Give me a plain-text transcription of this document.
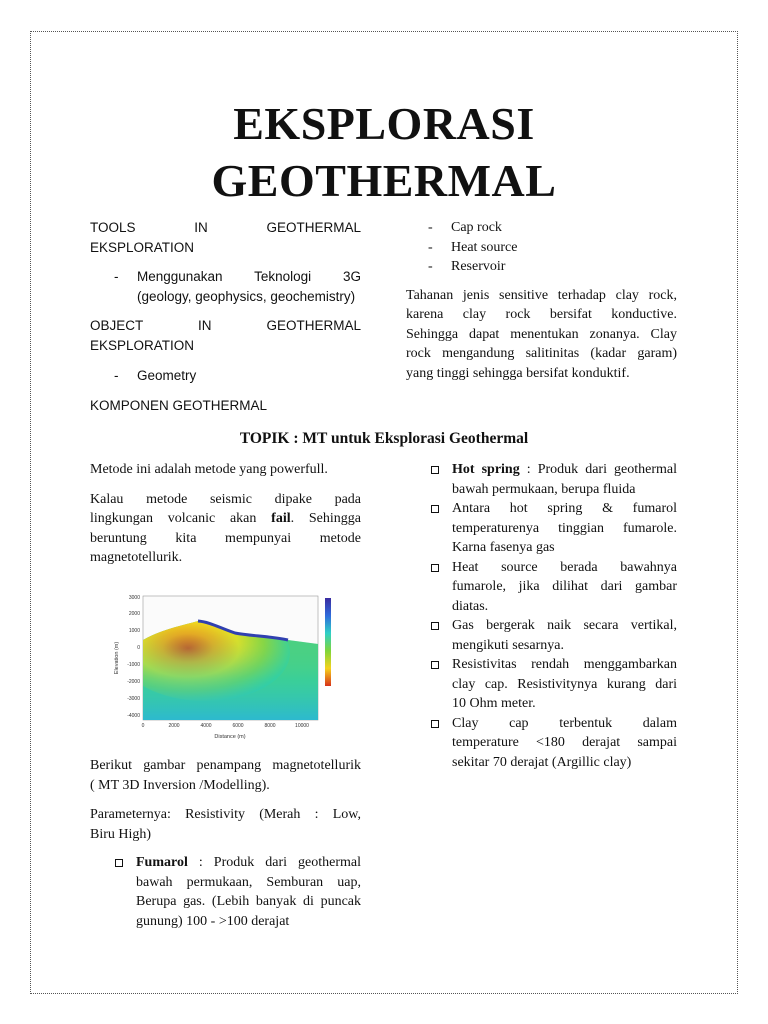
EKSPLORASI
GEOTHERMAL
TOOLS	IN	GEOTHERMAL
EKSPLORATION
- Menggunakan Teknologi 3G
(geology, geophysics, geochemistry)
OBJECT	IN	GEOTHERMAL
EKSPLORATION
- Geometry
KOMPONEN GEOTHERMAL
- Cap rock
- Heat source
- Reservoir
Tahanan jenis sensitive terhadap clay rock,
karena clay rock bersifat konductive.
Sehingga dapat menentukan zonanya. Clay
rock mengandung salitinitas (kadar garam)
yang tinggi sehingga bersifat konduktif.
TOPIK : MT untuk Eksplorasi Geothermal
Metode ini adalah metode yang powerfull.
Kalau metode seismic dipake pada
lingkungan volcanic akan fail. Sehingga
beruntung kita mempunyai metode
magnetotellurik.
3000
2000
1000
0
-1000
-2000
-3000
-4000
0	2000	4000	6000	8000	10000
Distance (m)
Elevation (m)
Berikut gambar penampang magnetotellurik
( MT 3D Inversion /Modelling).
Parameternya: Resistivity (Merah : Low,
Biru High)
Fumarol : Produk dari geothermal
bawah permukaan, Semburan uap,
Berupa gas. (Lebih banyak di puncak
gunung) 100 - >100 derajat
Hot spring : Produk dari geothermal
bawah permukaan, berupa fluida
Antara hot spring & fumarol
temperaturenya tinggian fumarole.
Karna fasenya gas
Heat source berada bawahnya
fumarole, jika dilihat dari gambar
diatas.
Gas bergerak naik secara vertikal,
mengikuti sesarnya.
Resistivitas rendah menggambarkan
clay cap. Resistivitynya kurang dari
10 Ohm meter.
Clay cap terbentuk dalam
temperature <180 derajat sampai
sekitar 70 derajat (Argillic clay)
